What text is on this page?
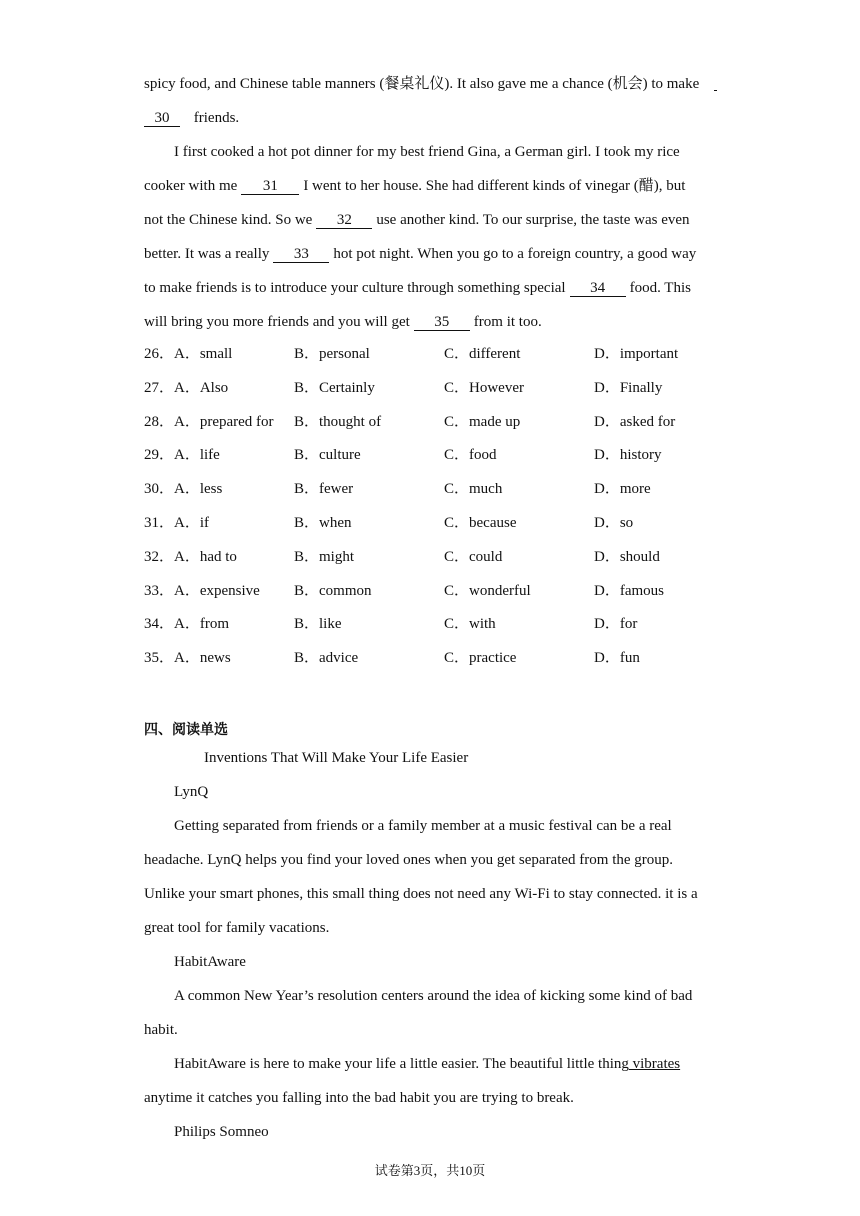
spicy food, and Chinese table manners (餐桌礼仪). It also gave me a chance (机会) to make
30 friends.
I first cooked a hot pot dinner for my best friend Gina, a German girl. I took my rice
cooker with me 31 I went to her house. She had different kinds of vinegar (醋), but
not the Chinese kind. So we 32 use another kind. To our surprise, the taste was even
better. It was a really 33 hot pot night. When you go to a foreign country, a good way
to make friends is to introduce your culture through something special 34 food. This
will bring you more friends and you will get 35 from it too.
26．A．small	B．personal	C．different	D．important
27．A．Also	B．Certainly	C．However	D．Finally
28．A．prepared for B．thought of	C．made up	D．asked for
29．A．life	B．culture	C．food	D．history
30．A．less	B．fewer	C．much	D．more
31．A．if	B．when	C．because	D．so
32．A．had to	B．might	C．could	D．should
33．A．expensive B．common	C．wonderful	D．famous
34．A．from	B．like	C．with	D．for
35．A．news	B．advice	C．practice	D．fun
四、阅读单选
Inventions That Will Make Your Life Easier
LynQ
Getting separated from friends or a family member at a music festival can be a real
headache. LynQ helps you find your loved ones when you get separated from the group.
Unlike your smart phones, this small thing does not need any Wi-Fi to stay connected. it is a
great tool for family vacations.
HabitAware
A common New Year’s resolution centers around the idea of kicking some kind of bad
habit.
HabitAware is here to make your life a little easier. The beautiful little thing vibrates
anytime it catches you falling into the bad habit you are trying to break.
Philips Somneo
试卷第3页，共10页
